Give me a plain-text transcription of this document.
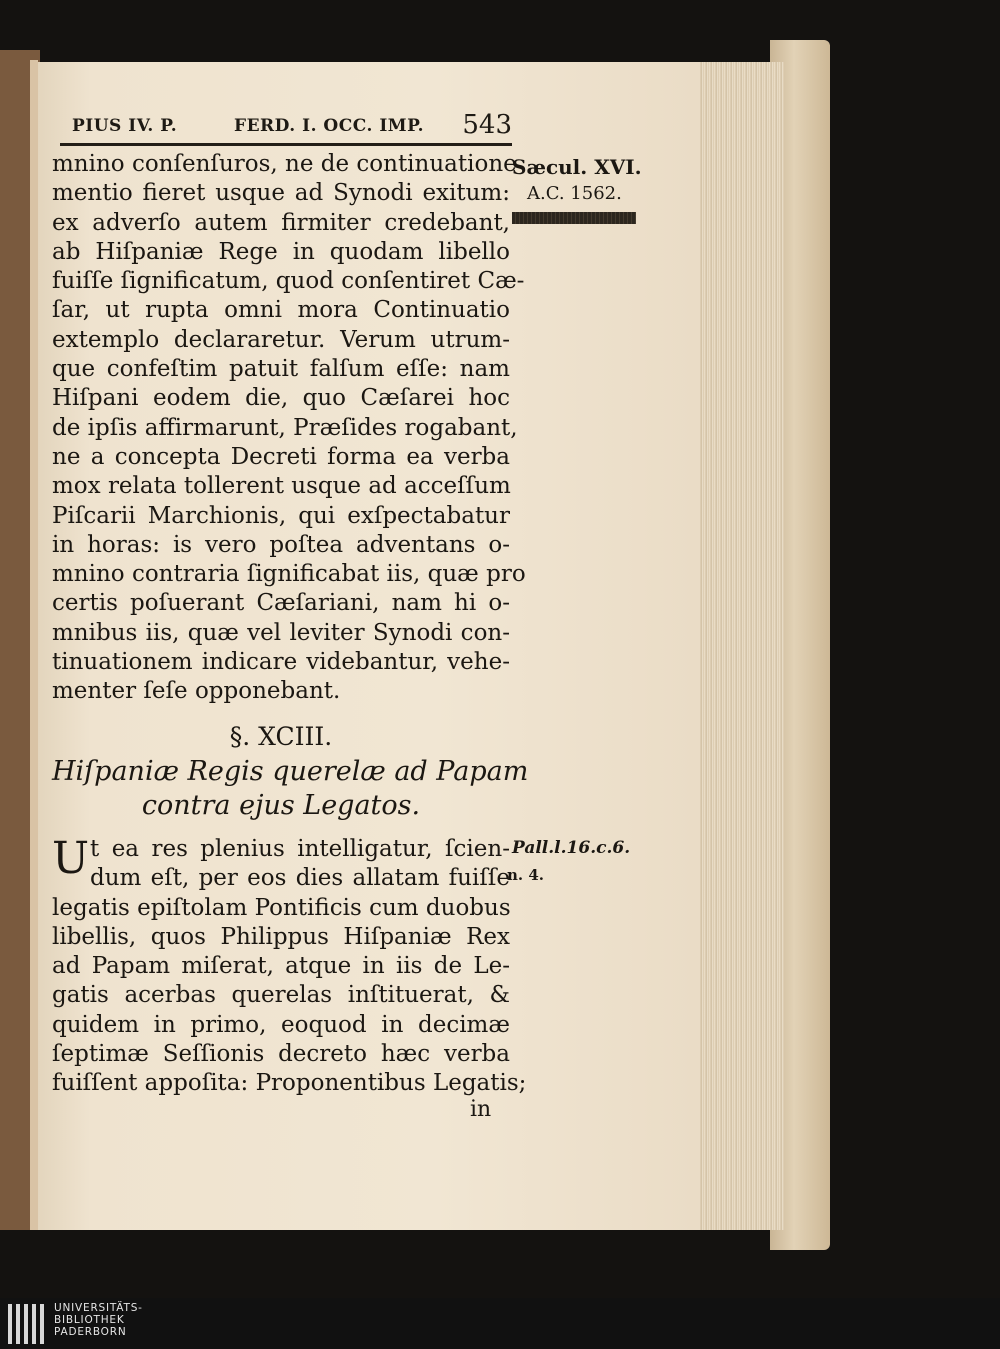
PIUS IV. P.	FERD. I. OCC. IMP. 543
Sæcul. XVI.
A.C. 1562.
mnino conſenſuros, ne de continuatione
mentio fieret usque ad Synodi exitum:
ex adverſo autem firmiter credebant,
ab Hiſpaniæ Rege in quodam libello
fuiſſe ſignificatum, quod conſentiret Cæ-
ſar, ut rupta omni mora Continuatio
extemplo declararetur. Verum utrum-
que confeſtim patuit falſum eſſe: nam
Hiſpani eodem die, quo Cæſarei hoc
de ipſis affirmarunt, Præſides rogabant,
ne a concepta Decreti forma ea verba
mox relata tollerent usque ad acceſſum
Piſcarii Marchionis, qui exſpectabatur
in horas: is vero poſtea adventans o-
mnino contraria ſignificabat iis, quæ pro
certis poſuerant Cæſariani, nam hi o-
mnibus iis, quæ vel leviter Synodi con-
tinuationem indicare videbantur, vehe-
menter ſeſe opponebant.
§. XCIII.
Hiſpaniæ Regis querelæ ad Papam
contra ejus Legatos.
Pall.l.16.c.6.
n. 4.
U t ea res plenius intelligatur, ſcien-
dum eſt, per eos dies allatam fuiſſe
legatis epiſtolam Pontificis cum duobus
libellis, quos Philippus Hiſpaniæ Rex
ad Papam miſerat, atque in iis de Le-
gatis acerbas querelas inſtituerat, &
quidem in primo, eoquod in decimæ
ſeptimæ Seſſionis decreto hæc verba
fuiſſent appoſita: Proponentibus Legatis;
in
UNIVERSITÄTS-
BIBLIOTHEK
PADERBORN
